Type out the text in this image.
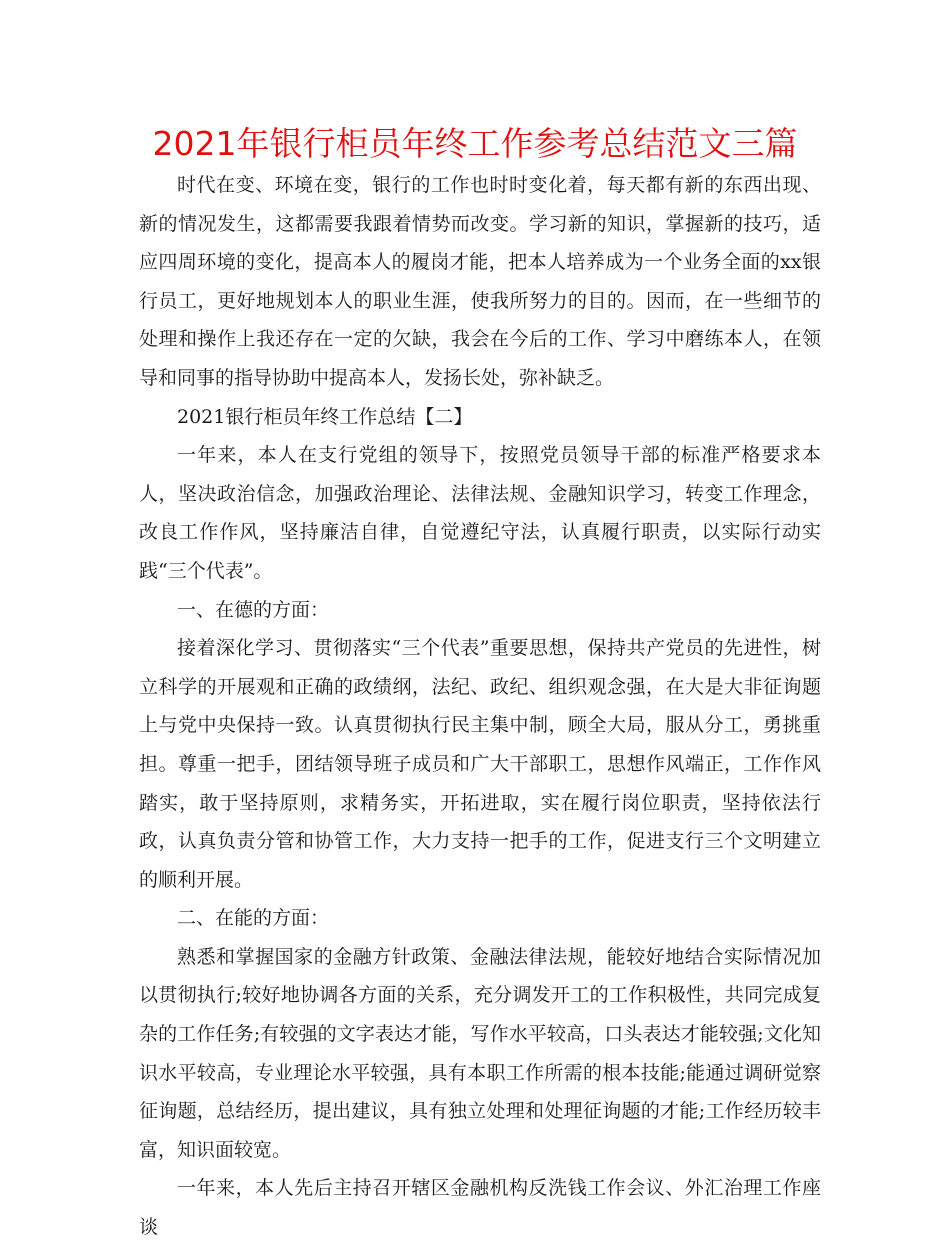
2021年银行柜员年终工作参考总结范文三篇

时代在变、环境在变，银行的工作也时时变化着，每天都有新的东西出现、新的情况发生，这都需要我跟着情势而改变。学习新的知识，掌握新的技巧，适应四周环境的变化，提高本人的履岗才能，把本人培养成为一个业务全面的xx银行员工，更好地规划本人的职业生涯，使我所努力的目的。因而，在一些细节的处理和操作上我还存在一定的欠缺，我会在今后的工作、学习中磨练本人，在领导和同事的指导协助中提高本人，发扬长处，弥补缺乏。

2021银行柜员年终工作总结【二】

一年来，本人在支行党组的领导下，按照党员领导干部的标准严格要求本人，坚决政治信念，加强政治理论、法律法规、金融知识学习，转变工作理念，改良工作作风，坚持廉洁自律，自觉遵纪守法，认真履行职责，以实际行动实践“三个代表”。

一、在德的方面：

接着深化学习、贯彻落实“三个代表”重要思想，保持共产党员的先进性，树立科学的开展观和正确的政绩纲，法纪、政纪、组织观念强，在大是大非征询题上与党中央保持一致。认真贯彻执行民主集中制，顾全大局，服从分工，勇挑重担。尊重一把手，团结领导班子成员和广大干部职工，思想作风端正，工作作风踏实，敢于坚持原则，求精务实，开拓进取，实在履行岗位职责，坚持依法行政，认真负责分管和协管工作，大力支持一把手的工作，促进支行三个文明建立的顺利开展。

二、在能的方面：

熟悉和掌握国家的金融方针政策、金融法律法规，能较好地结合实际情况加以贯彻执行;较好地协调各方面的关系，充分调发开工的工作积极性，共同完成复杂的工作任务;有较强的文字表达才能，写作水平较高，口头表达才能较强;文化知识水平较高，专业理论水平较强，具有本职工作所需的根本技能;能通过调研觉察征询题，总结经历，提出建议，具有独立处理和处理征询题的才能;工作经历较丰富，知识面较宽。

一年来，本人先后主持召开辖区金融机构反洗钱工作会议、外汇治理工作座谈
